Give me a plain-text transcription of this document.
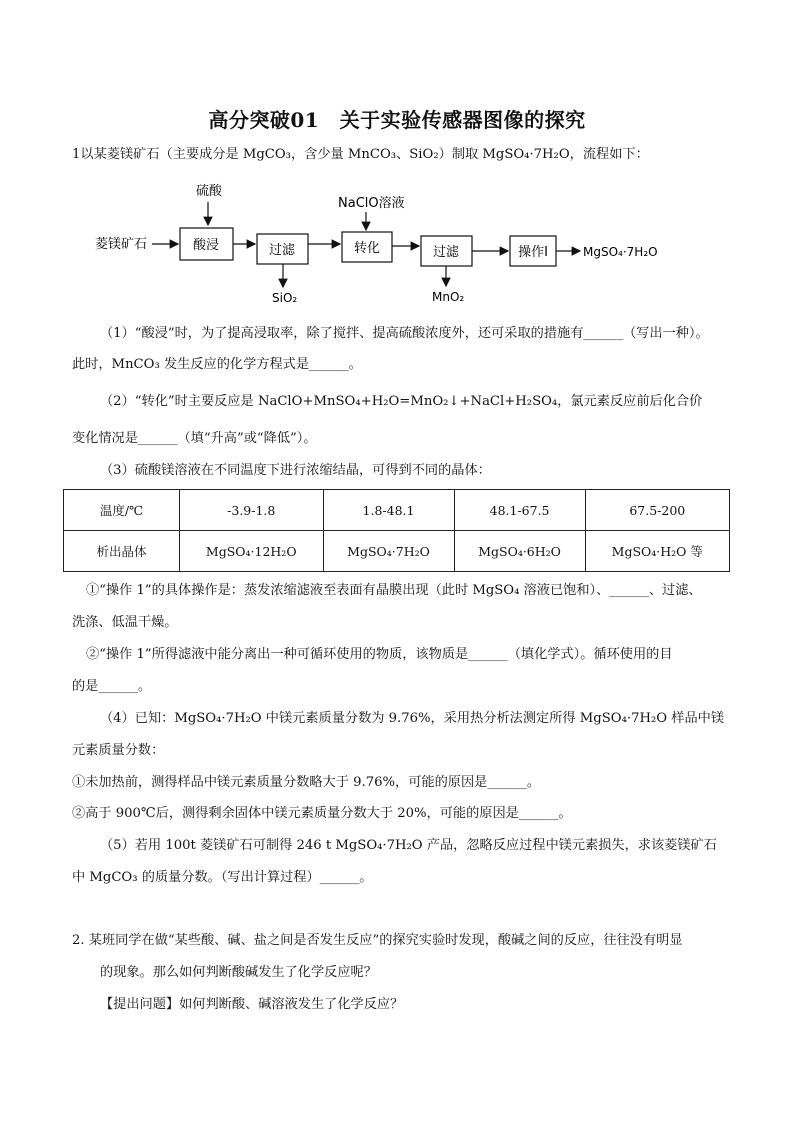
高分突破01　关于实验传感器图像的探究
1以某菱镁矿石（主要成分是 MgCO₃，含少量 MnCO₃、SiO₂）制取 MgSO₄·7H₂O，流程如下：
菱镁矿石
硫酸
酸浸	过滤
SiO₂
NaClO溶液
转化	过滤
MnO₂
操作I	MgSO₄·7H₂O
（1）“酸浸”时，为了提高浸取率，除了搅拌、提高硫酸浓度外，还可采取的措施有______（写出一种）。
此时，MnCO₃ 发生反应的化学方程式是______。
（2）“转化”时主要反应是 NaClO+MnSO₄+H₂O=MnO₂↓+NaCl+H₂SO₄，氯元素反应前后化合价
变化情况是______（填“升高”或“降低”）。
（3）硫酸镁溶液在不同温度下进行浓缩结晶，可得到不同的晶体：
温度/℃	-3.9-1.8	1.8-48.1	48.1-67.5	67.5-200
析出晶体	MgSO₄·12H₂O	MgSO₄·7H₂O	MgSO₄·6H₂O	MgSO₄·H₂O 等
①“操作 1”的具体操作是：蒸发浓缩滤液至表面有晶膜出现（此时 MgSO₄ 溶液已饱和）、______、过滤、
洗涤、低温干燥。
②“操作 1”所得滤液中能分离出一种可循环使用的物质，该物质是______（填化学式）。循环使用的目
的是______。
（4）已知：MgSO₄·7H₂O 中镁元素质量分数为 9.76%，采用热分析法测定所得 MgSO₄·7H₂O 样品中镁
元素质量分数：
①未加热前，测得样品中镁元素质量分数略大于 9.76%，可能的原因是______。
②高于 900℃后，测得剩余固体中镁元素质量分数大于 20%，可能的原因是______。
（5）若用 100t 菱镁矿石可制得 246 t MgSO₄·7H₂O 产品，忽略反应过程中镁元素损失，求该菱镁矿石
中 MgCO₃ 的质量分数。（写出计算过程）______。
2. 某班同学在做“某些酸、碱、盐之间是否发生反应”的探究实验时发现，酸碱之间的反应，往往没有明显
的现象。那么如何判断酸碱发生了化学反应呢？
【提出问题】如何判断酸、碱溶液发生了化学反应？
